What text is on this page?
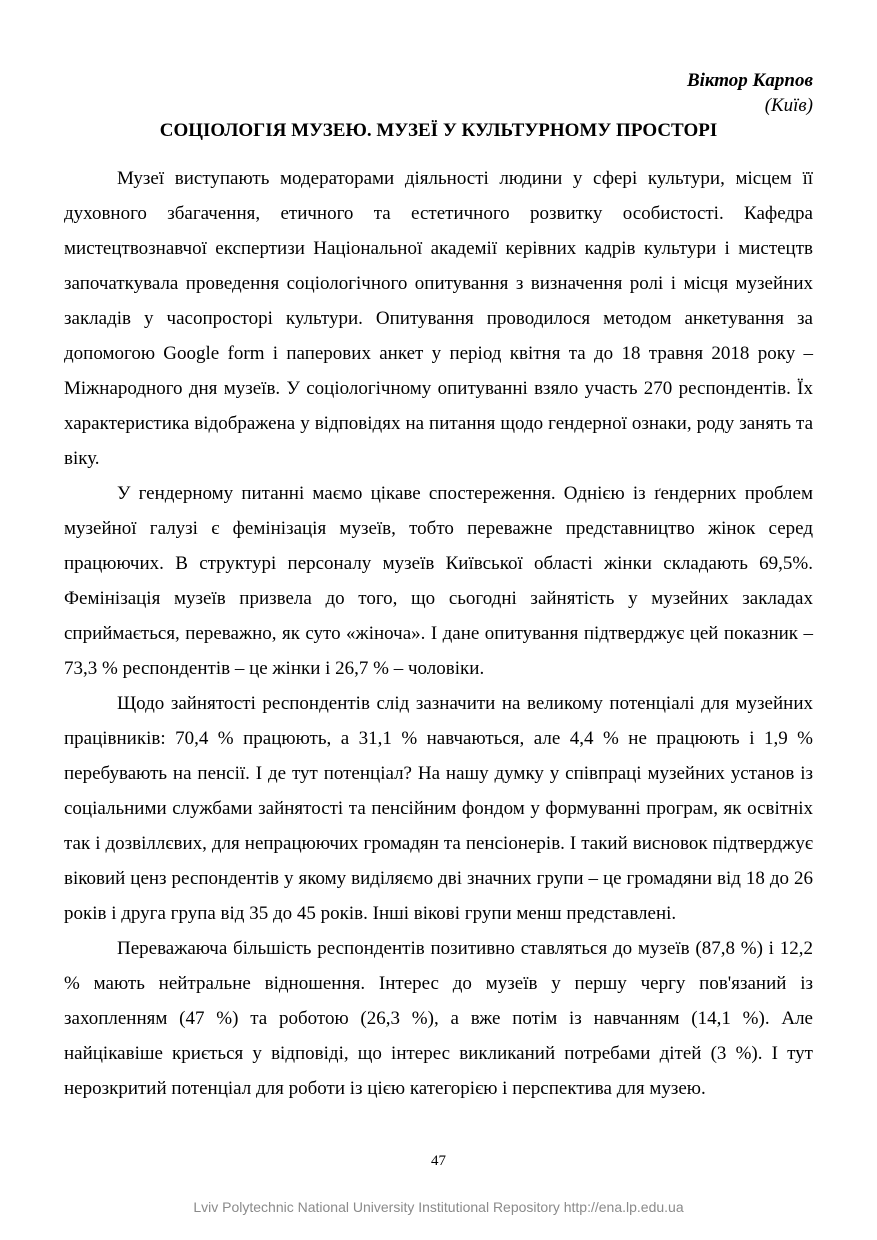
Віктор Карпов
(Київ)
СОЦІОЛОГІЯ МУЗЕЮ. МУЗЕЇ У КУЛЬТУРНОМУ ПРОСТОРІ

Музеї виступають модераторами діяльності людини у сфері культури, місцем її духовного збагачення, етичного та естетичного розвитку особистості. Кафедра мистецтвознавчої експертизи Національної академії керівних кадрів культури і мистецтв започаткувала проведення соціологічного опитування з визначення ролі і місця музейних закладів у часопросторі культури. Опитування проводилося методом анкетування за допомогою Google form і паперових анкет у період квітня та до 18 травня 2018 року – Міжнародного дня музеїв. У соціологічному опитуванні взяло участь 270 респондентів. Їх характеристика відображена у відповідях на питання щодо гендерної ознаки, роду занять та віку.

У гендерному питанні маємо цікаве спостереження. Однією із ґендерних проблем музейної галузі є фемінізація музеїв, тобто переважне представництво жінок серед працюючих. В структурі персоналу музеїв Київської області жінки складають 69,5%. Фемінізація музеїв призвела до того, що сьогодні зайнятість у музейних закладах сприймається, переважно, як суто «жіноча». І дане опитування підтверджує цей показник – 73,3 % респондентів – це жінки і 26,7 % – чоловіки.

Щодо зайнятості респондентів слід зазначити на великому потенціалі для музейних працівників: 70,4 % працюють, а 31,1 % навчаються, але 4,4 % не працюють і 1,9 % перебувають на пенсії. І де тут потенціал? На нашу думку у співпраці музейних установ із соціальними службами зайнятості та пенсійним фондом у формуванні програм, як освітніх так і дозвіллєвих, для непрацюючих громадян та пенсіонерів. І такий висновок підтверджує віковий ценз респондентів у якому виділяємо дві значних групи – це громадяни від 18 до 26 років і друга група від 35 до 45 років. Інші вікові групи менш представлені.

Переважаюча більшість респондентів позитивно ставляться до музеїв (87,8 %) і 12,2 % мають нейтральне відношення. Інтерес до музеїв у першу чергу пов'язаний із захопленням (47 %) та роботою (26,3 %), а вже потім із навчанням (14,1 %). Але найцікавіше криється у відповіді, що інтерес викликаний потребами дітей (3 %). І тут нерозкритий потенціал для роботи із цією категорією і перспектива для музею.

47
Lviv Polytechnic National University Institutional Repository http://ena.lp.edu.ua
